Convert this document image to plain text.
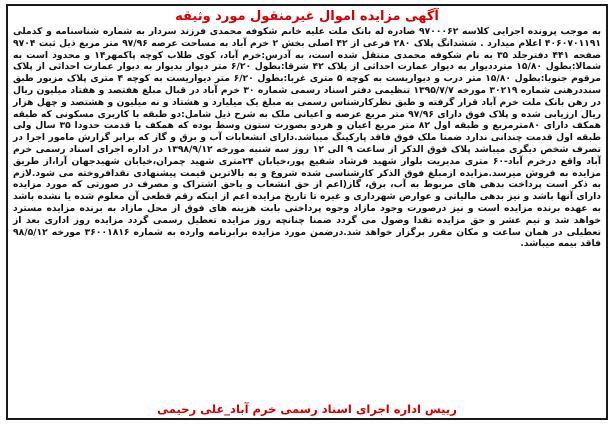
آگهی مزایده اموال غیرمنقول مورد وثیقه

به موجب پرونده اجرایی کلاسه ۹۷۰۰۰۶۲ صادره له بانک ملت علیه خانم شکوفه محمدی فرزند سردار به شماره شناسنامه و کدملی ۴۰۶۰۷۰۱۱۹۱ اعلام میدارد . ششدانگ پلاک ۲۸۰ فرعی از ۴۲ اصلی بخش ۲ خرم آباد به مساحت عرصه ۹۷/۹۶ متر مربع ذیل ثبت ۹۷۰۴ صفحه ۴۴۱ دفترجلد ۳۵ به نام شکوفه محمدی منتقل شده است، به آدرس:خرم آباد، کوی طلاب کوچه پاکمهر۱۴ و محدود است به شمالا:بطول ۱۵/۸۰ مترددیوار به دیوار عمارت احداثی از پلاک ۴۲ شرقا:بطول ۶/۲۰ متر دیوار بدیوار به دیوار عمارت احداثی از پلاک مرقوم جنوبا:بطول ۱۵/۸۰ متر درب و دیواریست به کوچه ۵ متری غربا:بطول ۶/۲۰ متر دیواریست به کوچه ۴ متری پلاک مزبور طبق سنددرهنی شماره ۳۰۲۱۹ مورخه ۱۳۹۵/۷/۷ تنظیمی دفتر اسناد رسمی شماره ۳۰ خرم آباد در قبال مبلغ هفتصد و هفتاد میلیون ریال در رهن بانک ملت خرم آباد قرار گرفته و طبق نظرکارشناس رسمی به مبلغ یک میلیارد و هشتاد و نه میلیون و هشتصد و چهل هزار ریال ارزیابی شده و پلاک فوق دارای ۹۷/۹۶ متر مربع عرصه و اعیانی ملک به شرح ذیل شامل:دو طبقه با کاربری مسکونی که طبقه همکف دارای ۸۰مترمربع و طبقه اول ۸۲ متر مربع اعیان و هردو بصورت ستون وسط بوده که همکف با قدمت حدودا ۳۵ سال ولی طبقه اول قدمت چندانی ندارد ضمنا ملک فوق فاقد پارکینگ میباشد.دارای انشعابات آب و برق و گاز که برابر گزارش مامور اجرا در تصرف شخص دیگری میباشد پلاک فوق الذکر از ساعت ۹ الی ۱۲ روز سه شنبه مورخه ۱۳۹۸/۹/۱۲ در اداره اجرای اسناد رسمی خرم آباد واقع درخرم آباد-۶۰ متری مدیریت بلوار شهید فرشاد شفیع پور،خیابان ۲۴متری شهید چمران،خیابان شهیدجهان آرا،از طریق مزایده به فروش میرسد.مزایده ازمبلغ فوق الذکر کارشناسی شده شروع و به بالاترین قیمت پیشنهادی نقدافروخته می شود.لازم به ذکر است پرداخت بدهی های مربوط به آب، برق، گاز(اعم از حق انشعاب و یاحق اشتراک و مصرف در صورتی که مورد مزایده دارای آنها باشد و نیز بدهی مالیاتی و عوارض شهرداری و غیره تا تاریخ مزایده اعم از اینکه رقم قطعی آن معلوم شده یا نشده باشد به عهده برنده مزایده است و نیز درصورت وجود مازاد وجوه پرداختی بابت هزینه های فوق از محل مازاد به برنده مزایده مسترد خواهد شد و نیم عشر و حق مزایده نقدا وصول می گردد ضمنا چنانچه روز مزایده تعطیل رسمی گردد مزایده روز اداری بعد از تعطیلی در همان ساعت و مکان مقرر برگزار خواهد شد.درضمن مورد مزایده برابرنامه وارده به شماره ۳۶۰۰۱۸۱۶ مورخه ۹۸/۵/۱۲ فاقد بیمه میباشد.

رییس اداره اجرای اسناد رسمی خرم آباد_علی رحیمی
